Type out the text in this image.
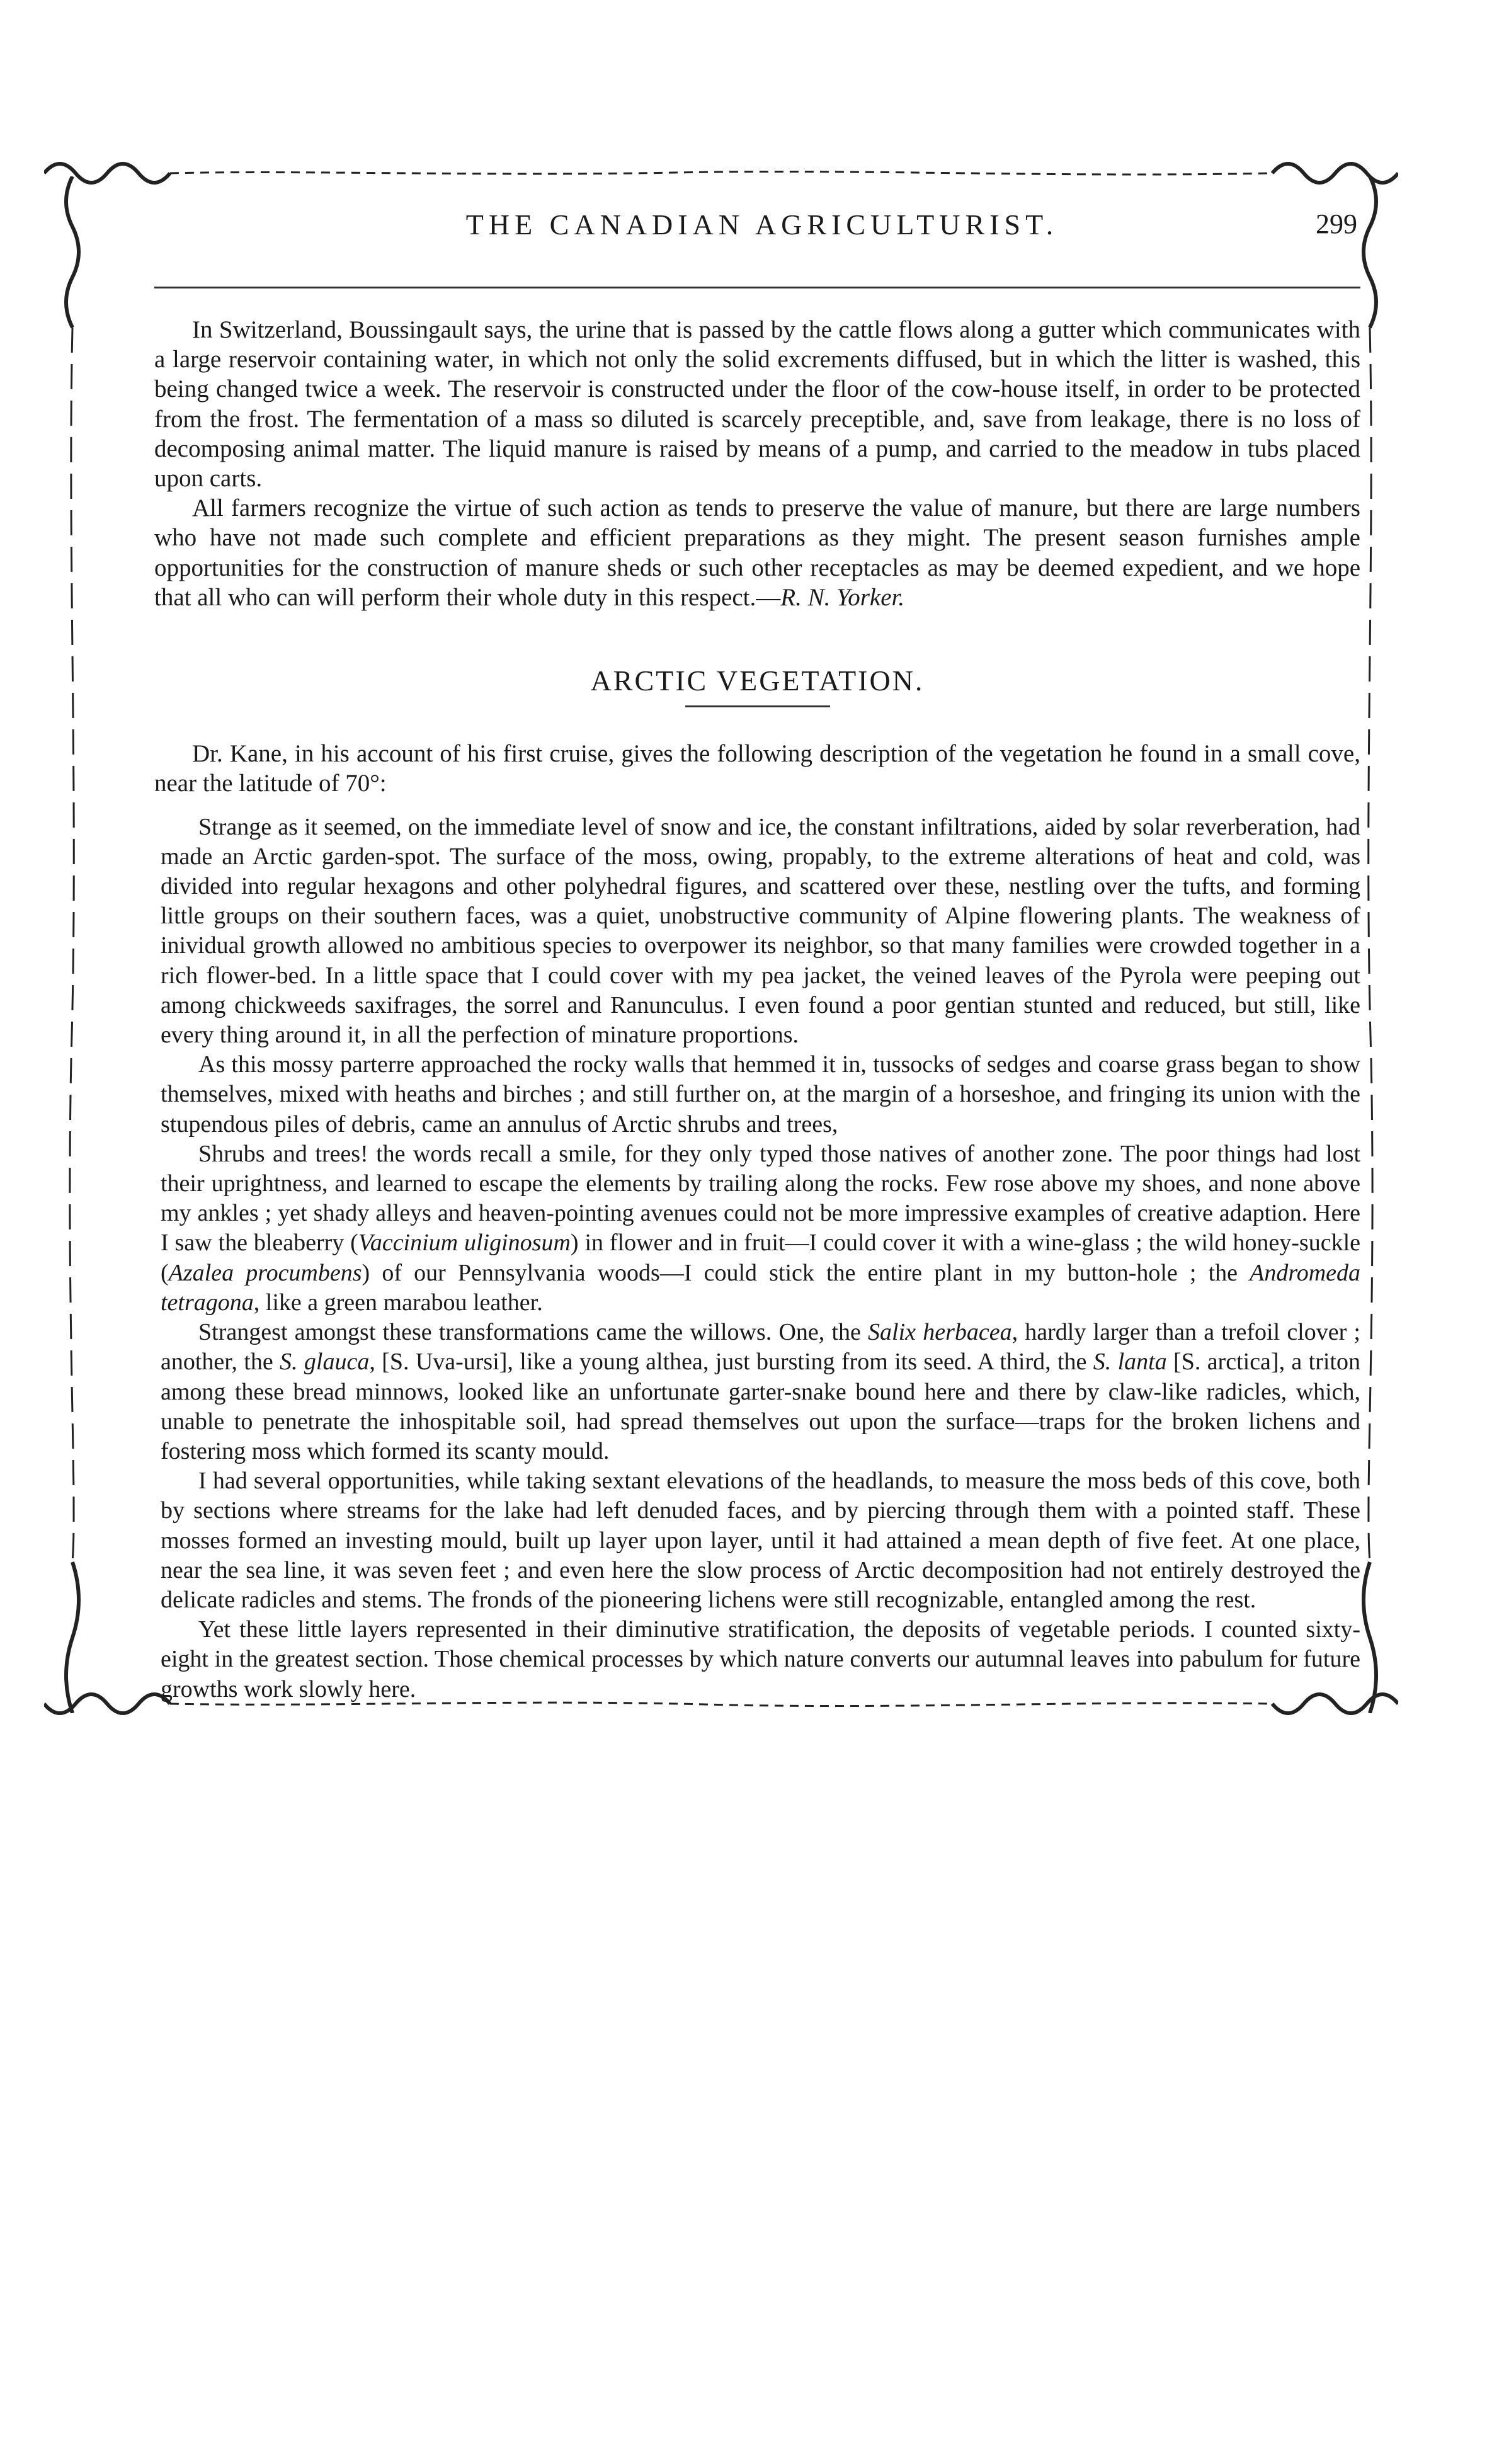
THE CANADIAN AGRICULTURIST.	299

In Switzerland, Boussingault says, the urine that is passed by the cattle flows along a gutter which communicates with a large reservoir containing water, in which not only the solid excrements diffused, but in which the litter is washed, this being changed twice a week. The reservoir is constructed under the floor of the cow-house itself, in order to be protected from the frost. The fermentation of a mass so diluted is scarcely preceptible, and, save from leakage, there is no loss of decomposing animal matter. The liquid manure is raised by means of a pump, and carried to the meadow in tubs placed upon carts.

All farmers recognize the virtue of such action as tends to preserve the value of manure, but there are large numbers who have not made such complete and efficient preparations as they might. The present season furnishes ample opportunities for the construction of manure sheds or such other receptacles as may be deemed expedient, and we hope that all who can will perform their whole duty in this respect.—R. N. Yorker.

ARCTIC VEGETATION.

Dr. Kane, in his account of his first cruise, gives the following description of the vegetation he found in a small cove, near the latitude of 70°:

Strange as it seemed, on the immediate level of snow and ice, the constant infiltrations, aided by solar reverberation, had made an Arctic garden-spot. The surface of the moss, owing, propably, to the extreme alterations of heat and cold, was divided into regular hexagons and other polyhedral figures, and scattered over these, nestling over the tufts, and forming little groups on their southern faces, was a quiet, unobstructive community of Alpine flowering plants. The weakness of inividual growth allowed no ambitious species to overpower its neighbor, so that many families were crowded together in a rich flower-bed. In a little space that I could cover with my pea jacket, the veined leaves of the Pyrola were peeping out among chickweeds saxifrages, the sorrel and Ranunculus. I even found a poor gentian stunted and reduced, but still, like every thing around it, in all the perfection of minature proportions.

As this mossy parterre approached the rocky walls that hemmed it in, tussocks of sedges and coarse grass began to show themselves, mixed with heaths and birches ; and still further on, at the margin of a horseshoe, and fringing its union with the stupendous piles of debris, came an annulus of Arctic shrubs and trees,

Shrubs and trees! the words recall a smile, for they only typed those natives of another zone. The poor things had lost their uprightness, and learned to escape the elements by trailing along the rocks. Few rose above my shoes, and none above my ankles ; yet shady alleys and heaven-pointing avenues could not be more impressive examples of creative adaption. Here I saw the bleaberry (Vaccinium uliginosum) in flower and in fruit—I could cover it with a wine-glass ; the wild honey-suckle (Azalea procumbens) of our Pennsylvania woods—I could stick the entire plant in my button-hole ; the Andromeda tetragona, like a green marabou leather.

Strangest amongst these transformations came the willows. One, the Salix herbacea, hardly larger than a trefoil clover ; another, the S. glauca, [S. Uva-ursi], like a young althea, just bursting from its seed. A third, the S. lanta [S. arctica], a triton among these bread minnows, looked like an unfortunate garter-snake bound here and there by claw-like radicles, which, unable to penetrate the inhospitable soil, had spread themselves out upon the surface—traps for the broken lichens and fostering moss which formed its scanty mould.

I had several opportunities, while taking sextant elevations of the headlands, to measure the moss beds of this cove, both by sections where streams for the lake had left denuded faces, and by piercing through them with a pointed staff. These mosses formed an investing mould, built up layer upon layer, until it had attained a mean depth of five feet. At one place, near the sea line, it was seven feet ; and even here the slow process of Arctic decomposition had not entirely destroyed the delicate radicles and stems. The fronds of the pioneering lichens were still recognizable, entangled among the rest.

Yet these little layers represented in their diminutive stratification, the deposits of vegetable periods. I counted sixty-eight in the greatest section. Those chemical processes by which nature converts our autumnal leaves into pabulum for future growths work slowly here.
